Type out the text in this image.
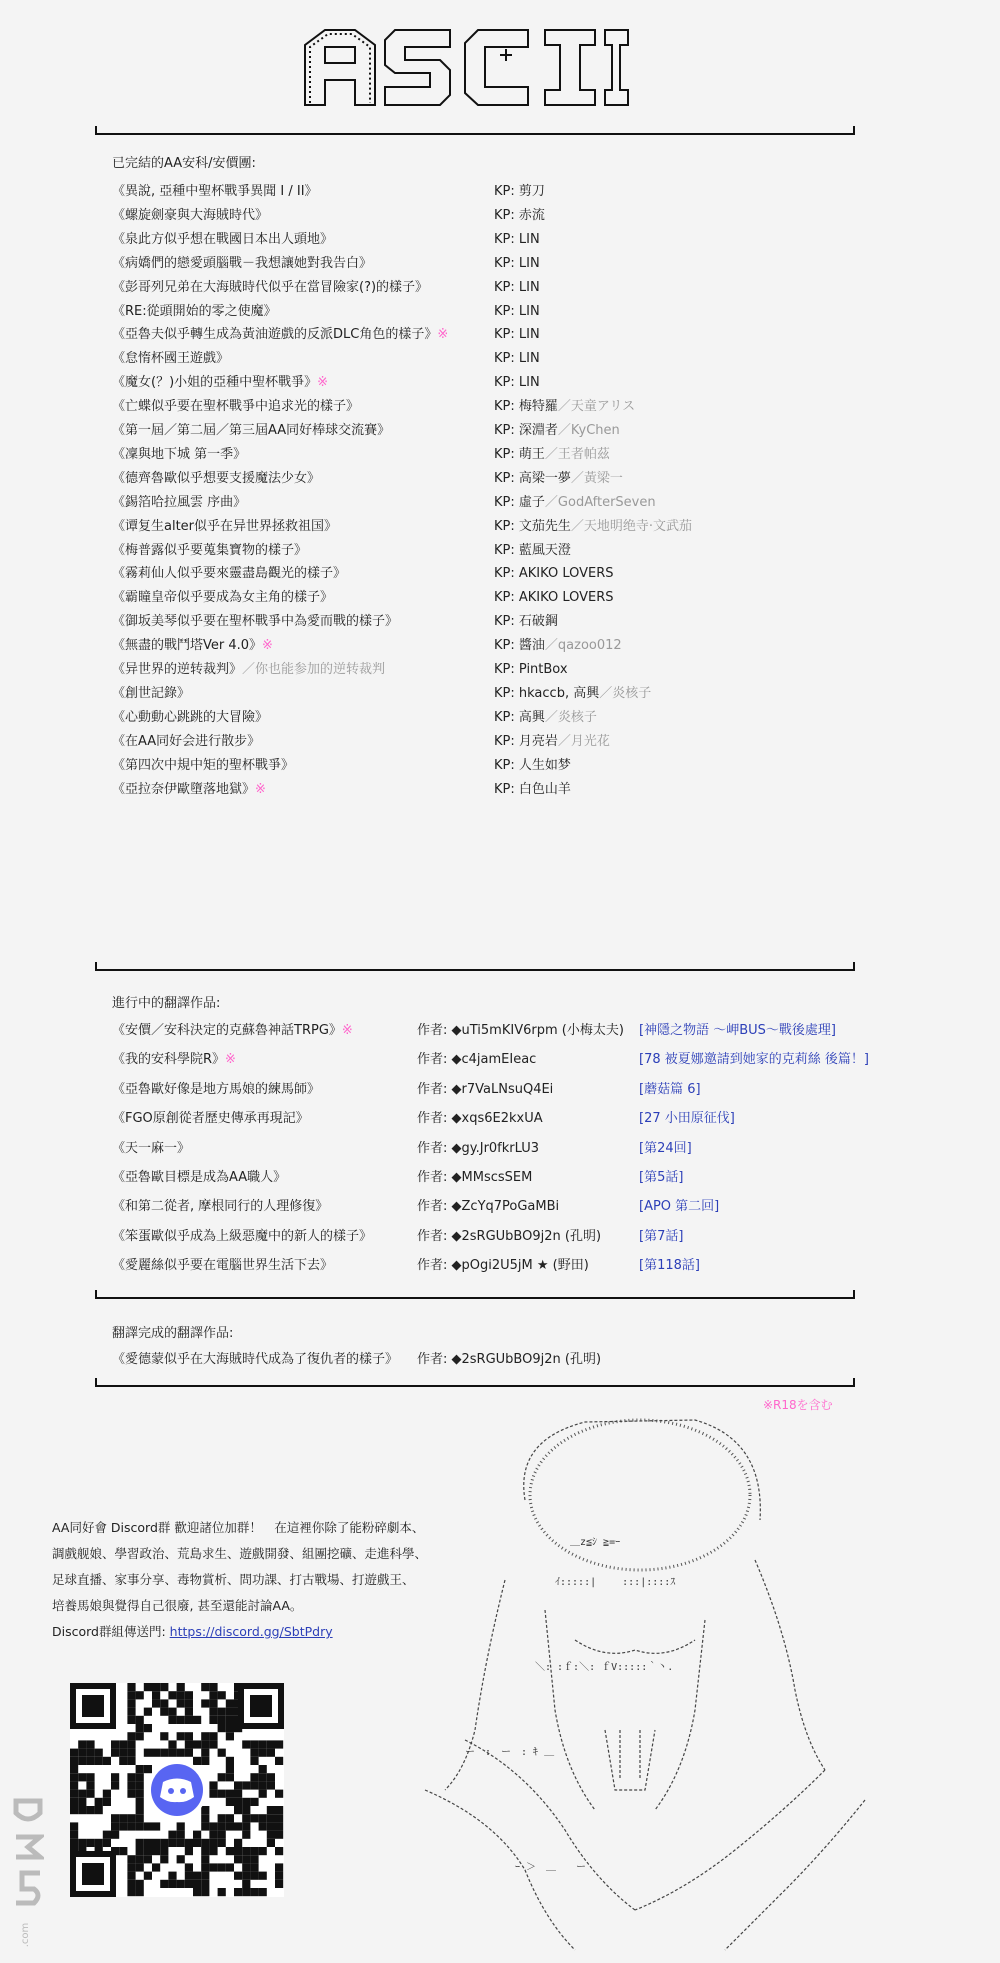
已完結的AA安科/安價團:
《異說, 亞種中聖杯戰爭異聞 I / II》	KP: 剪刀
《螺旋劍豪與大海賊時代》	KP: 赤流
《泉此方似乎想在戰國日本出人頭地》	KP: LIN
《病嬌們的戀愛頭腦戰－我想讓她對我告白》	KP: LIN
《彭哥列兄弟在大海賊時代似乎在當冒險家(?)的樣子》	KP: LIN
《RE:從頭開始的零之使魔》	KP: LIN
《亞魯夫似乎轉生成為黃油遊戲的反派DLC角色的樣子》※	KP: LIN
《怠惰杯國王遊戲》	KP: LIN
《魔女(？)小姐的亞種中聖杯戰爭》※	KP: LIN
《亡蝶似乎要在聖杯戰爭中追求光的樣子》	KP: 梅特羅／天童アリス
《第一屆／第二屆／第三屆AA同好棒球交流賽》	KP: 深淵者／KyChen
《凜與地下城 第一季》	KP: 萌王／王者帕茲
《德齊魯歐似乎想要支援魔法少女》	KP: 高梁一夢／黃梁一
《錫箔哈拉風雲 序曲》	KP: 虛子／GodAfterSeven
《谭复生alter似乎在异世界拯救祖国》	KP: 文茄先生／天地明绝寺·文武茄
《梅普露似乎要蒐集寶物的樣子》	KP: 藍風天澄
《霧莉仙人似乎要來靈盡島觀光的樣子》	KP: AKIKO LOVERS
《霸瞳皇帝似乎要成為女主角的樣子》	KP: AKIKO LOVERS
《御坂美琴似乎要在聖杯戰爭中為愛而戰的樣子》	KP: 石破鋼
《無盡的戰鬥塔Ver 4.0》※	KP: 醬油／qazoo012
《异世界的逆转裁判》／你也能参加的逆转裁判	KP: PintBox
《創世記錄》	KP: hkaccb, 高興／炎核子
《心動動心跳跳的大冒險》	KP: 高興／炎核子
《在AA同好会进行散步》	KP: 月亮岩／月光花
《第四次中規中矩的聖杯戰爭》	KP: 人生如梦
《亞拉奈伊歐墮落地獄》※	KP: 白色山羊
進行中的翻譯作品:
《安價／安科決定的克蘇魯神話TRPG》※	作者: ◆uTi5mKIV6rpm (小梅太夫) [神隱之物語 ～岬BUS～戰後處理]
《我的安科學院R》※	作者: ◆c4jamEIeac	[78 被夏娜邀請到她家的克莉絲 後篇！]
《亞魯歐好像是地方馬娘的練馬師》	作者: ◆r7VaLNsuQ4Ei	[蘑菇篇 6]
《FGO原創從者歷史傳承再現記》	作者: ◆xqs6E2kxUA	[27 小田原征伐]
《天一麻一》	作者: ◆gy.Jr0fkrLU3	[第24回]
《亞魯歐目標是成為AA職人》	作者: ◆MMscsSEM	[第5話]
《和第二從者, 摩根同行的人理修復》	作者: ◆ZcYq7PoGaMBi	[APO 第二回]
《笨蛋歐似乎成為上級惡魔中的新人的樣子》	作者: ◆2sRGUbBO9j2n (孔明)	[第7話]
《愛麗絲似乎要在電腦世界生活下去》	作者: ◆pOgi2U5jM ★ (野田)	[第118話]
翻譯完成的翻譯作品:
《愛德蒙似乎在大海賊時代成為了復仇者的樣子》 作者: ◆2sRGUbBO9j2n (孔明)
※R18を含む
AA同好會 Discord群 歡迎諸位加群！　在這裡你除了能粉碎劇本、
調戲舰娘、學習政治、荒島求生、遊戲開發、組團挖礦、走進科學、
足球直播、家事分享、毒物賞析、問功課、打古戰場、打遊戲王、
培養馬娘與覺得自己很廢, 甚至還能討論AA。
Discord群組傳送門: https://discord.gg/SbtPdry
＿z≦ｼ ≧=ｰ
ｲ:::::|　 　:::|::::ｽ
＼: :ｆ:＼: ｆV:::::｀丶.
ー　:　ー　: ｷ ＿
ｰ ＞　＿　　ー
.com
